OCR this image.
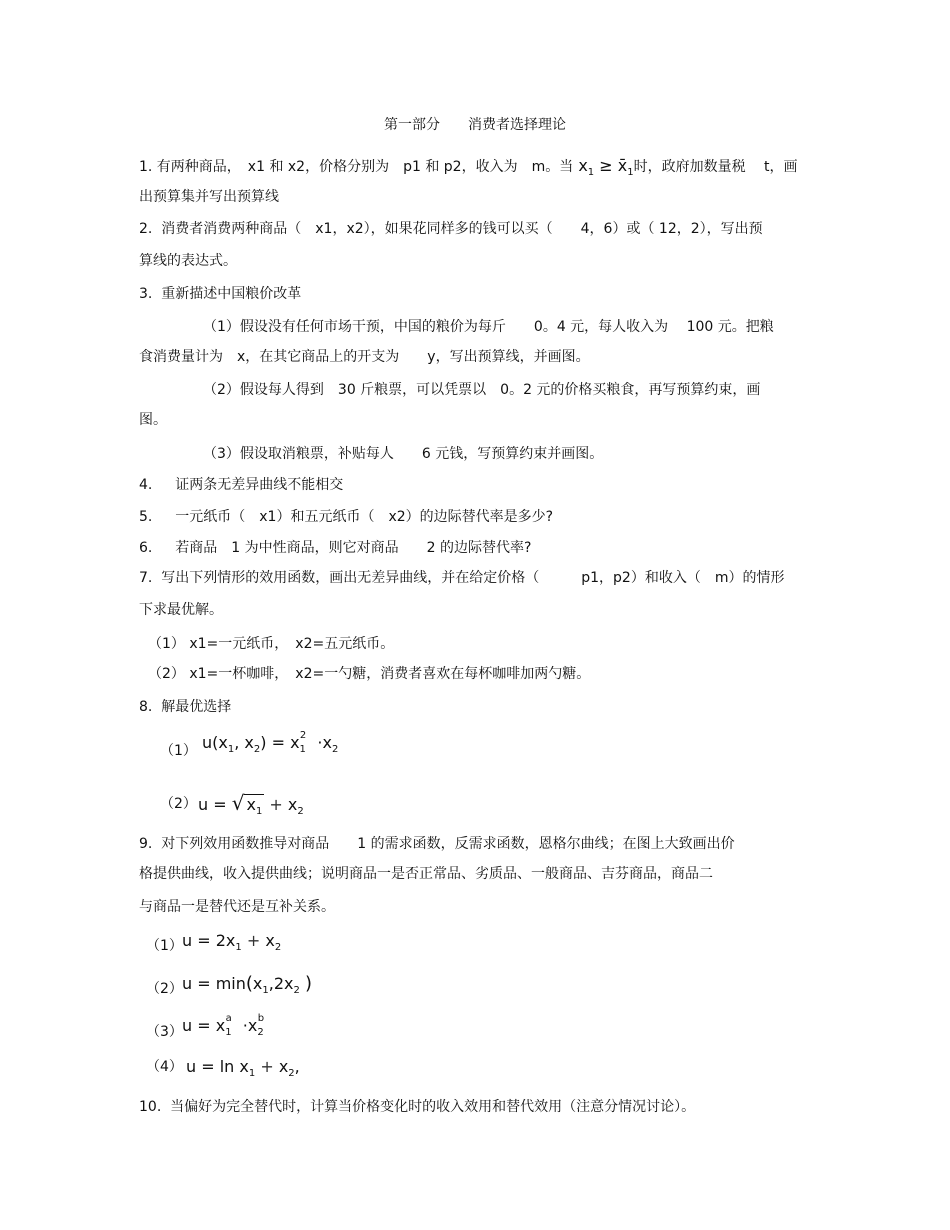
第一部分　　消费者选择理论
1. 有两种商品，　x1 和 x2，价格分别为　p1 和 p2，收入为　m。当 $x_1$ ≥ $x̄_1$时，政府加数量税　 t，画
出预算集并写出预算线
2.  消费者消费两种商品（　x1，x2），如果花同样多的钱可以买（　　4，6）或（ 12，2），写出预
算线的表达式。
3.  重新描述中国粮价改革
（1）假设没有任何市场干预，中国的粮价为每斤　　0。4 元，每人收入为　 100 元。把粮
食消费量计为　x，在其它商品上的开支为　　y，写出预算线，并画图。
（2）假设每人得到　30 斤粮票，可以凭票以　0。2 元的价格买粮食，再写预算约束，画
图。
（3）假设取消粮票，补贴每人　　6 元钱，写预算约束并画图。
4.  　证两条无差异曲线不能相交
5.  　一元纸币（　x1）和五元纸币（　x2）的边际替代率是多少?
6.  　若商品　1 为中性商品，则它对商品　　2 的边际替代率?
7.  写出下列情形的效用函数，画出无差异曲线，并在给定价格（　　　p1，p2）和收入（　m）的情形
下求最优解。
（1） x1=一元纸币，　x2=五元纸币。
（2） x1=一杯咖啡，　x2=一勺糖，消费者喜欢在每杯咖啡加两勺糖。
8.  解最优选择
（1） $u(x_1$, $x_2) = x_1^2 \cdot x_2$
（2） u = √ $x_1 + x_2$
9.  对下列效用函数推导对商品　　1 的需求函数，反需求函数，恩格尔曲线；在图上大致画出价
格提供曲线，收入提供曲线；说明商品一是否正常品、劣质品、一般商品、吉芬商品，商品二
与商品一是替代还是互补关系。
（1） $u = 2x_1 + x_2$
（2） $u = \min(x_1,2x_2$ )
（3） $u = x_1^a \cdot x_2^b$
（4） $u = \ln x_1 + x_2$,
10.  当偏好为完全替代时，计算当价格变化时的收入效用和替代效用（注意分情况讨论）。
